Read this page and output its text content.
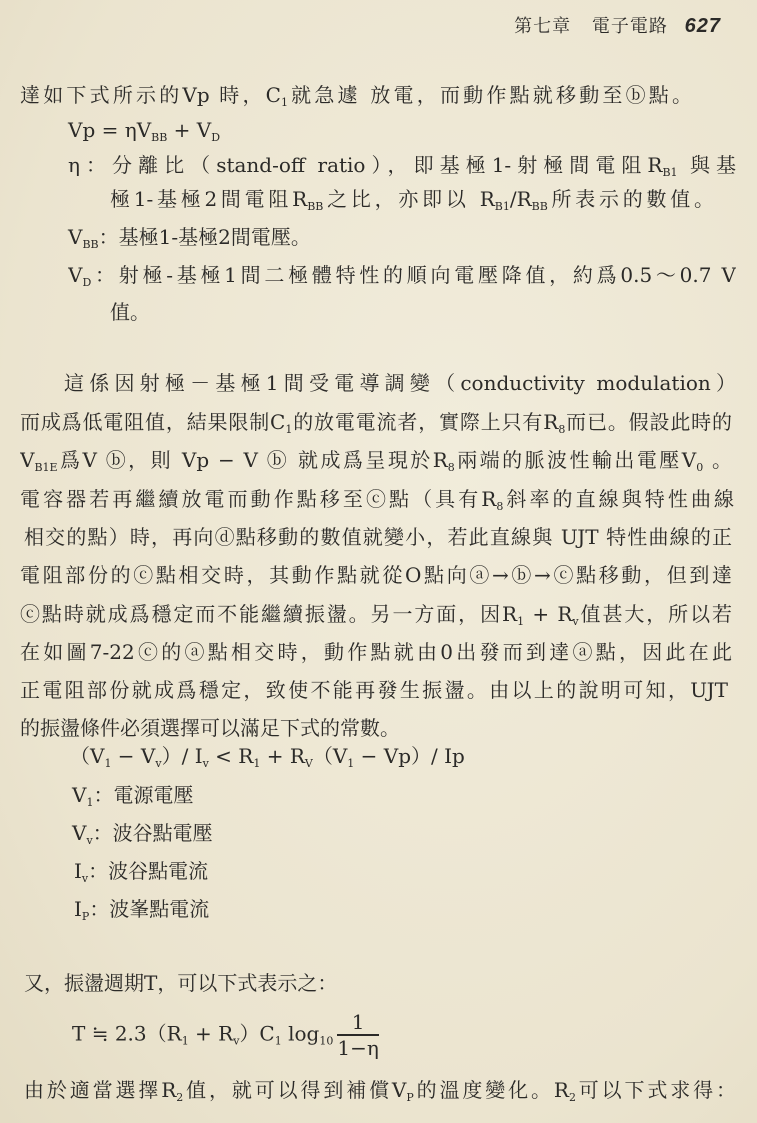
第七章 電子電路 627
達如下式所示的Vp 時，$C_1$就急遽 放電，而動作點就移動至ⓑ點。
$Vp = \eta V_{BB} + V_D$
η：分離比（stand-off ratio），即基極1-射極間電阻$R_{B1}$ 與基
極1-基極2間電阻$R_{BB}$之比，亦即以 $R_{B1}/R_{BB}$所表示的數值。
$V_{BB}$：基極1-基極2間電壓。
$V_D$：射極-基極1間二極體特性的順向電壓降值，約爲0.5～0.7 V
值。
這係因射極－基極1間受電導調變（conductivity modulation）
而成爲低電阻值，結果限制$C_1$的放電電流者，實際上只有$R_8$而已。假設此時的
$V_{B1E}$爲V ⓑ，則 Vp − V ⓑ 就成爲呈現於$R_8$兩端的脈波性輸出電壓$V_0$ 。
電容器若再繼續放電而動作點移至ⓒ點（具有$R_8$斜率的直線與特性曲線
相交的點）時，再向ⓓ點移動的數值就變小，若此直線與 UJT 特性曲線的正
電阻部份的ⓒ點相交時，其動作點就從O點向ⓐ→ⓑ→ⓒ點移動，但到達
ⓒ點時就成爲穩定而不能繼續振盪。另一方面，因$R_1 + R_v$值甚大，所以若
在如圖7-22ⓒ的ⓐ點相交時，動作點就由0出發而到達ⓐ點，因此在此
正電阻部份就成爲穩定，致使不能再發生振盪。由以上的說明可知，UJT
的振盪條件必須選擇可以滿足下式的常數。
$(V_1 - V_v)/$ $I_v < R_1 + R_V(V_1 - Vp)/$ Ip
$V_1$：電源電壓
$V_v$：波谷點電壓
$I_v$：波谷點電流
$I_P$：波峯點電流
又，振盪週期T，可以下式表示之：
T ≒ $2.3(R_1 + R_v)C_1$ $\log_{10} \frac{1}{1-\eta}$
由於適當選擇$R_2$值，就可以得到補償$V_P$的溫度變化。$R_2$可以下式求得：
